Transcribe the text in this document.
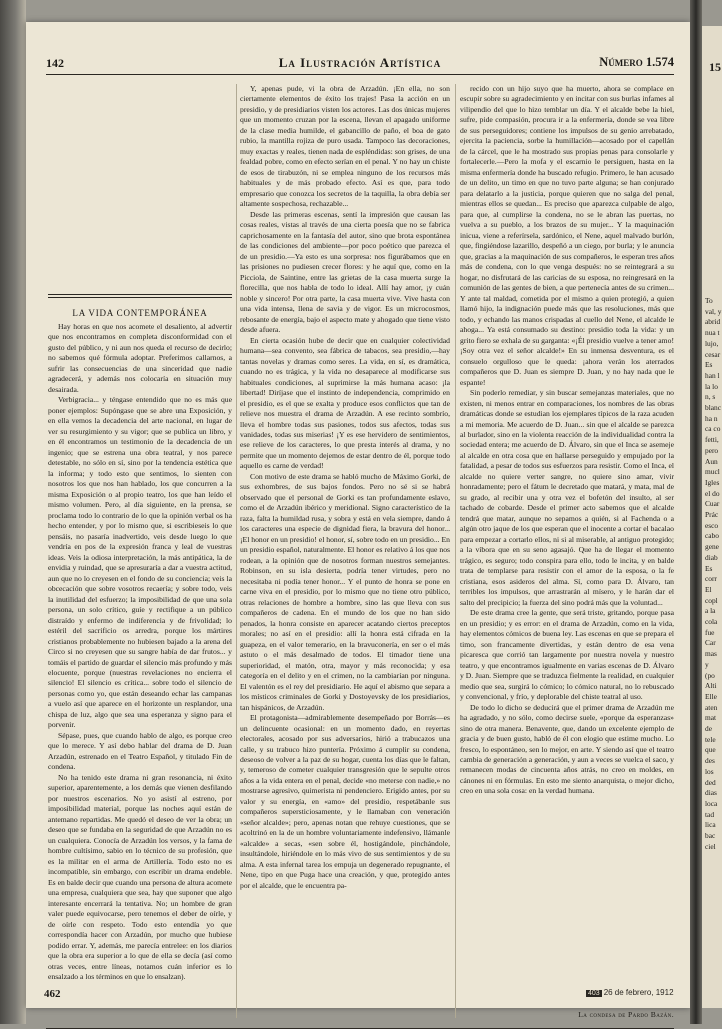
142	La Ilustración Artística	Número 1.574
LA VIDA CONTEMPORÁNEA

Hay horas en que nos acomete el desaliento, al advertir que nos encontramos en completa disconformidad con el gusto del público, y ni aun nos queda el recurso de decirlo; no sabemos qué fórmula adoptar. Preferimos callarnos, a sufrir las consecuencias de una sinceridad que nadie agradecerá, y además nos colocaría en situación muy desairada.

Verbigracia... y téngase entendido que no es más que poner ejemplos: Supóngase que se abre una Exposición, y en ella vemos la decadencia del arte nacional, en lugar de ver su resurgimiento y su vigor; que se publica un libro, y en él encontramos un testimonio de la decadencia de un ingenio; que se estrena una obra teatral, y nos parece detestable, no sólo en sí, sino por la tendencia estética que la informa; y todo esto que sentimos, lo sienten con nosotros los que nos han hablado, los que concurren a la misma Exposición o al propio teatro, los que han leído el mismo volumen. Pero, al día siguiente, en la prensa, se proclama todo lo contrario de lo que la opinión verbal os ha hecho entender, y por lo mismo que, si escribieseis lo que pensáis, no pasaría inadvertido, veis desde luego lo que vendría en pos de la expresión franca y leal de vuestras ideas. Veis la odiosa interpretación, la más antipática, la de envidia y ruindad, que se apresuraría a dar a vuestra actitud, aun que no lo creyesen en el fondo de su conciencia; veis la obcecación que sobre vosotros recaería; y sobre todo, veis la inutilidad del esfuerzo; la imposibilidad de que una sola persona, un solo crítico, guíe y rectifique a un público distraído y enfermo de indiferencia y de frivolidad; lo estéril del sacrificio os arredra, porque los mártires cristianos probablemente no hubiesen bajado a la arena del Circo si no creyesen que su sangre había de dar frutos... y tomáis el partido de guardar el silencio más profundo y más elocuente, porque (nuestras revelaciones no encierra el silencio! El silencio es crítica... sobre todo el silencio de personas como yo, que están deseando echar las campanas a vuelo así que aparece en el horizonte un resplandor, una chispa de luz, algo que sea una esperanza y signo para el porvenir.

Sépase, pues, que cuando hablo de algo, es porque creo que lo merece. Y así debo hablar del drama de D. Juan Arzadún, estrenado en el Teatro Español, y titulado Fin de condena.

No ha tenido este drama ni gran resonancia, ni éxito superior, aparentemente, a los demás que vienen desfilando por nuestros escenarios. No yo asistí al estreno, por imposibilidad material, porque las noches aquí están de antemano repartidas. Me quedó el deseo de ver la obra; un deseo que se fundaba en la seguridad de que Arzadún no es un cualquiera. Conocía de Arzadún los versos, y la fama de hombre cultísimo, sabio en lo técnico de su profesión, que es la militar en el arma de Artillería. Todo esto no es incompatible, sin embargo, con escribir un drama endeble. Es en balde decir que cuando una persona de altura acomete una empresa, cualquiera que sea, hay que suponer que algo interesante encerrará la tentativa. No; un hombre de gran valer puede equivocarse, pero tenemos el deber de oírle, y de oírle con respeto. Todo esto entendía yo que correspondía hacer con Arzadún, por mucho que hubiese podido errar. Y, además, me parecía entrelee: en los diarios que la obra era superior a lo que de ella se decía (así como otras veces, entre líneas, notamos cuán inferior es lo ensalzado a los términos en que lo ensalzan).

Y, apenas pude, vi la obra de Arzadún. ¡En ella, no son ciertamente elementos de éxito los trajes! Pasa la acción en un presidio, y de presidiarios visten los actores. Las dos únicas mujeres que un momento cruzan por la escena, llevan el apagado uniforme de la clase media humilde, el gabancillo de paño, el boa de gato rubio, la mantilla rojiza de puro usada. Tampoco las decoraciones, muy exactas y reales, tienen nada de espléndidas: son grises, de una fealdad pobre, como en efecto serían en el penal. Y no hay un chiste de esos de tirabuzón, ni se emplea ninguno de los recursos más habituales y de más probado efecto. Así es que, para todo empresario que conozca los secretos de la taquilla, la obra debía ser altamente sospechosa, rechazable...

Desde las primeras escenas, sentí la impresión que causan las cosas reales, vistas al través de una cierta poesía que no se fabrica caprichosamente en la fantasía del autor, sino que brota espontánea de las condiciones del ambiente—por poco poético que parezca el de un presidio.—Ya esto es una sorpresa: nos figurábamos que en las prisiones no pudiesen crecer flores: y he aquí que, como en la Picciola, de Saintine, entre las grietas de la casa muerta surge la florecilla, que nos habla de todo lo ideal. Allí hay amor, ¡y cuán noble y sincero! Por otra parte, la casa muerta vive. Vive hasta con una vida intensa, llena de savia y de vigor. Es un microcosmos, rebosante de energía, bajo el aspecto mate y ahogado que tiene visto desde afuera.

En cierta ocasión hube de decir que en cualquier colectividad humana—sea convento, sea fábrica de tabacos, sea presidio,—hay tantas novelas y dramas como seres. La vida, en sí, es dramática, cuando no es trágica, y la vida no desaparece al modificarse sus habituales condiciones, al suprimirse la más humana acaso: ¡la libertad! Diríjase que el instinto de independencia, comprimido en el presidio, es el que se exalta y produce esos conflictos que tan de relieve nos muestra el drama de Arzadún. A ese recinto sombrío, lleva el hombre todas sus pasiones, todos sus afectos, todas sus vanidades, todas sus miserias! ¡Y es ese hervidero de sentimientos, ese relieve de los caracteres, lo que presta interés al drama, y no permite que un momento dejemos de estar dentro de él, porque todo aquello es carne de verdad!

Con motivo de este drama se habló mucho de Máximo Gorki, de sus exhombres, de sus bajos fondos. Pero no sé si se habrá observado que el personal de Gorki es tan profundamente eslavo, como el de Arzadún ibérico y meridional. Signo característico de la raza, falta la humildad rusa, y sobra y está en vela siempre, dando á los caracteres una especie de dignidad fiera, la bravura del honor... ¡El honor en un presidio! el honor, sí, sobre todo en un presidio... En un presidio español, naturalmente. El honor es relativo á los que nos rodean, a la opinión que de nosotros forman nuestros semejantes. Robinson, en su isla desierta, podría tener virtudes, pero no necesitaba ni podía tener honor... Y el punto de honra se pone en carne viva en el presidio, por lo mismo que no tiene otro público, otras relaciones de hombre a hombre, sino las que lleva con sus compañeros de cadena. En el mundo de los que no han sido penados, la honra consiste en aparecer acatando ciertos preceptos morales; no así en el presidio: allí la honra está cifrada en la guapeza, en el valor temerario, en la bravuconería, en ser o el más astuto o el más desalmado de todos. El timador tiene una superioridad, el matón, otra, mayor y más reconocida; y esa categoría en el delito y en el crimen, no la cambiarían por ninguna. El valentón es el rey del presidiario. He aquí el abismo que separa a los místicos criminales de Gorki y Dostoyevsky de los presidiarios, tan hispánicos, de Arzadún.

El protagonista—admirablemente desempeñado por Borrás—es un delincuente ocasional: en un momento dado, en reyertas electorales, acosado por sus adversarios, hirió a trabucazos una calle, y su trabuco hizo puntería. Próximo á cumplir su condena, deseoso de volver a la paz de su hogar, cuenta los días que le faltan, y, temeroso de cometer cualquier transgresión que le sepulte otros años a la vida entera en el penal, decide «no meterse con nadie,» no mostrarse agresivo, quimerista ni pendenciero. Erigido antes, por su valor y su energía, en «amo» del presidio, respetábanle sus compañeros supersticiosamente, y le llamaban con veneración «señor alcalde»; pero, apenas notan que rehuye cuestiones, que se acoltrinó en la de un hombre voluntariamente indefensivo, llámanle «alcalde» a secas, «sen sobre él, hostigándole, pinchándole, insultándole, hiriéndole en lo más vivo de sus sentimientos y de su alma. A esta infernal tarea los empuja un degenerado repugnante, el Nene, tipo en que Puga hace una creación, y que, protegido antes por el alcalde, que le encuentra pa-

recido con un hijo suyo que ha muerto, ahora se complace en escupir sobre su agradecimiento y en incitar con sus burlas infames al vilipendio del que lo hizo temblar un día. Y el alcalde bebe la hiel, sufre, pide compasión, procura ir a la enfermería, donde se vea libre de sus perseguidores; contiene los impulsos de su genio arrebatado, ejercita la paciencia, sorbe la humillación—acosado por el capellán de la cárcel, que le ha mostrado sus propias penas para consolarle y fortalecerle.—Pero la mofa y el escarnio le persiguen, hasta en la misma enfermería donde ha buscado refugio. Primero, le han acusado de un delito, un timo en que no tuvo parte alguna; se han conjurado para delatarlo a la justicia, porque quieren que no salga del penal, mientras ellos se quedan... Es preciso que aparezca culpable de algo, para que, al cumplirse la condena, no se le abran las puertas, no vuelva a su pueblo, a los brazos de su mujer... Y la maquinación inicua, viene a referírsela, sardónico, el Nene, aquel malvado burlón, que, fingiéndose lazarillo, despeñó a un ciego, por burla; y le anuncia que, gracias a la maquinación de sus compañeros, le esperan tres años más de condena, con lo que venga después: no se reintegrará a su hogar, no disfrutará de las caricias de su esposa, no reingresará en la comunión de las gentes de bien, a que pertenecía antes de su crimen... Y ante tal maldad, cometida por el mismo a quien protegió, a quien llamó hijo, la indignación puede más que las resoluciones, más que todo, y echando las manos crispadas al cuello del Nene, el alcalde le ahoga... Ya está consumado su destino: presidio toda la vida: y un grito fiero se exhala de su garganta: «¡Él presidio vuelve a tener amo! ¡Soy otra vez el señor alcalde!» En su inmensa desventura, es el consuelo orgulloso que le queda: ¡ahora verán los aterrados compañeros que D. Juan es siempre D. Juan, y no hay nada que le espante!

Sin poderlo remediar, y sin buscar semejanzas materiales, que no existen, ni menos entrar en comparaciones, los nombres de las obras dramáticas donde se estudian los ejemplares típicos de la raza acuden a mi memoria. Me acuerdo de D. Juan... sin que el alcalde se parezca al burlador, sino en la violenta reacción de la individualidad contra la sociedad entera; me acuerdo de D. Álvaro, sin que el Inca se asemeje al alcalde en otra cosa que en hallarse perseguido y empujado por la fatalidad, a pesar de todos sus esfuerzos para resistir. Como el Inca, el alcalde no quiere verter sangre, no quiere sino amar, vivir honradamente; pero el fátum le decretado que matará, y mata, mal de su grado, al recibir una y otra vez el bofetón del insulto, al ser tachado de cobarde. Desde el primer acto sabemos que el alcalde tendrá que matar, aunque no sepamos a quién, si al Fachenda o a algún otro jaque de los que esperan que el inocente a cortar el bacalao para empezar a cortarlo ellos, ni si al miserable, al antiguo protegido; a la víbora que en su seno agasajó. Que ha de llegar el momento trágico, es seguro; todo conspira para ello, todo le incita, y en balde trata de templarse para resistir con el amor de la esposa, o la fe cristiana, esos asideros del alma. Sí, como para D. Álvaro, tan terribles los impulsos, que arrastrarán al mísero, y le harán dar el salto del precipicio; la fuerza del sino podrá más que la voluntad...

De este drama cree la gente, que será triste, gritando, porque pasa en un presidio; y es error: en el drama de Arzadún, como en la vida, hay elementos cómicos de buena ley. Las escenas en que se prepara el timo, son francamente divertidas, y están dentro de esa vena picaresca que corrió tan largamente por nuestra novela y nuestro teatro, y que encontramos igualmente en varias escenas de D. Álvaro y D. Juan. Siempre que se traduzca fielmente la realidad, en cualquier medio que sea, surgirá lo cómico; lo cómico natural, no lo rebuscado y convencional, y frío, y deplorable del chiste teatral al uso.

De todo lo dicho se deducirá que el primer drama de Arzadún me ha agradado, y no sólo, como decirse suele, «porque da esperanzas» sino de otra manera. Benavente, que, dando un excelente ejemplo de gracia y de buen gusto, habló de él con elogio que estime mucho. Lo fresco, lo espontáneo, sen lo mejor, en arte. Y siendo así que el teatro cambia de generación a generación, y aun a veces se vuelca el saco, y remanecen modas de cincuenta años atrás, no creo en moldes, en cánones ni en fórmulas. En esto me siento anarquista, o mejor dicho, creo en una sola cosa: en la verdad humana.

La condesa de Pardo Bazán.
462	403 26 de febrero, 1912
15
To
val, y
abrid
nua t
lujo,
cesar
Es
han l
la lo
n, s
blanc
ha n
ca co
fetti,
pero
Aun
mucl
Igles
el do
Cuar
Prác
esco
cabo
gene
diab
Es
corr
El
copl
a la
cola
fue
Car
mas
y
(po
Alti
Elle
aten
mat
de
tele
que
des
los
ded
dias
loca
tad
lica
bac
ciel
